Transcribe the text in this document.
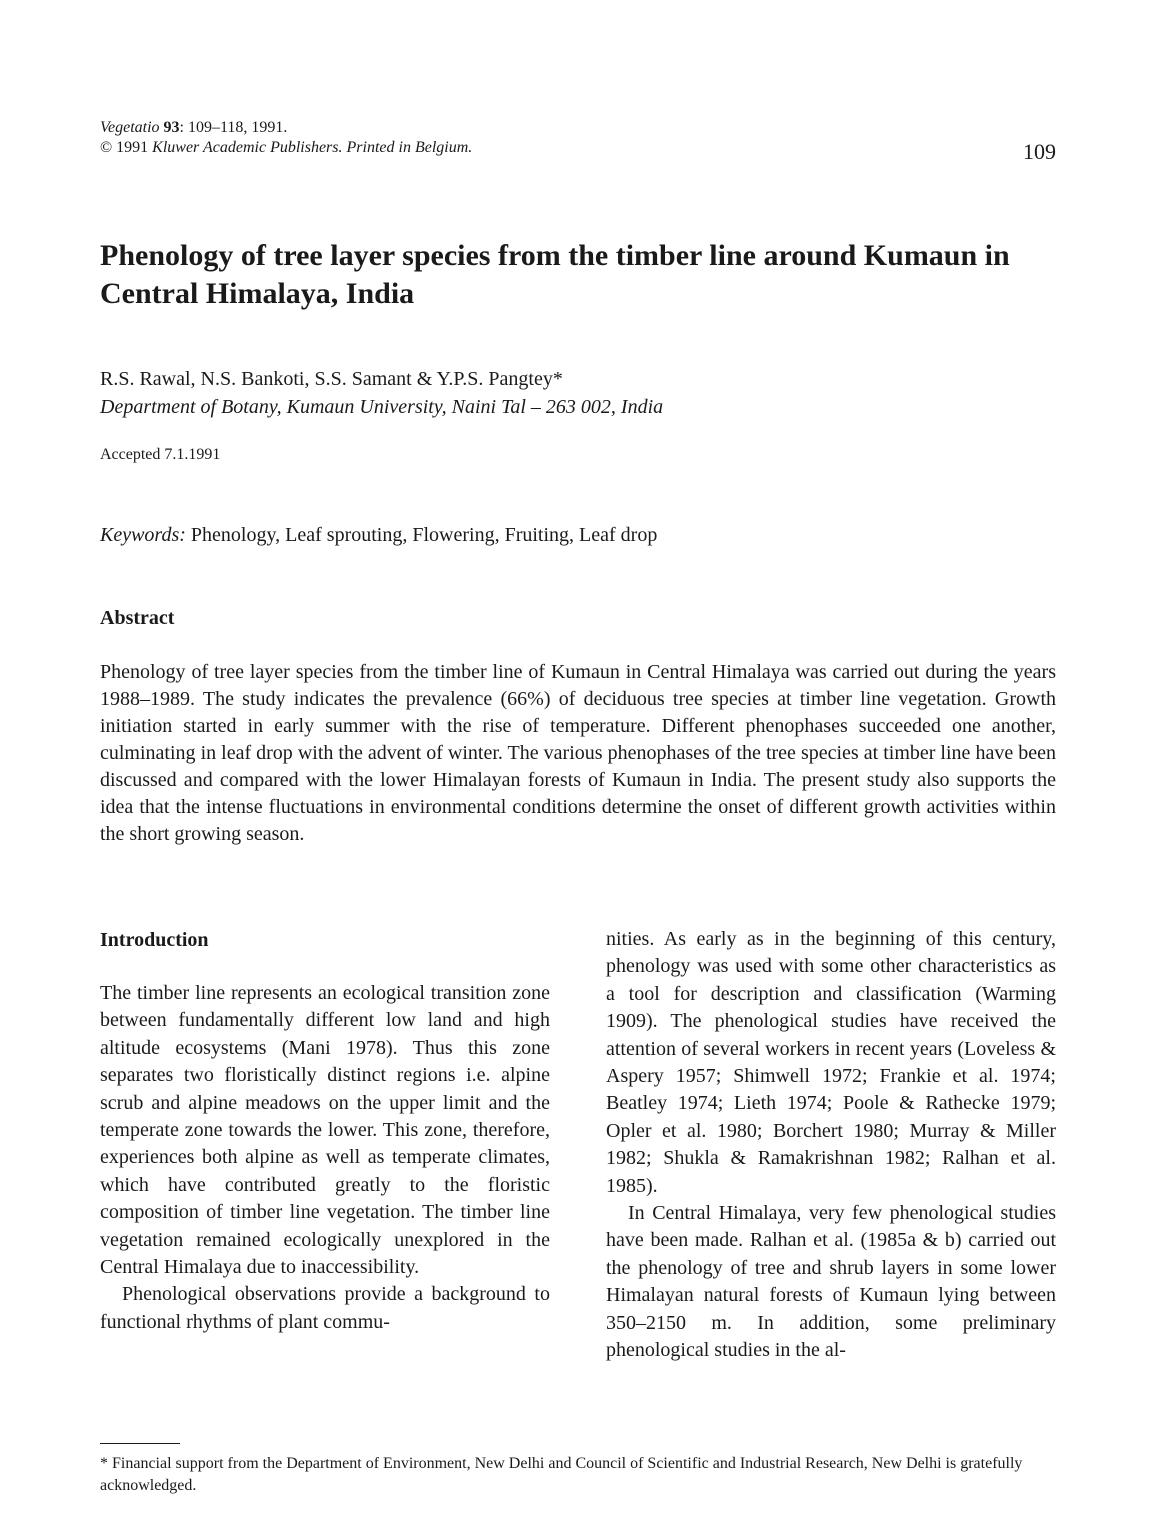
Vegetatio 93: 109–118, 1991.
© 1991 Kluwer Academic Publishers. Printed in Belgium.	109
Phenology of tree layer species from the timber line around Kumaun in Central Himalaya, India
R.S. Rawal, N.S. Bankoti, S.S. Samant & Y.P.S. Pangtey*
Department of Botany, Kumaun University, Naini Tal – 263 002, India
Accepted 7.1.1991
Keywords: Phenology, Leaf sprouting, Flowering, Fruiting, Leaf drop
Abstract

Phenology of tree layer species from the timber line of Kumaun in Central Himalaya was carried out during the years 1988–1989. The study indicates the prevalence (66%) of deciduous tree species at timber line vegetation. Growth initiation started in early summer with the rise of temperature. Different phenophases succeeded one another, culminating in leaf drop with the advent of winter. The various phenophases of the tree species at timber line have been discussed and compared with the lower Himalayan forests of Kumaun in India. The present study also supports the idea that the intense fluctuations in environmental conditions determine the onset of different growth activities within the short growing season.

Introduction

The timber line represents an ecological transition zone between fundamentally different low land and high altitude ecosystems (Mani 1978). Thus this zone separates two floristically distinct regions i.e. alpine scrub and alpine meadows on the upper limit and the temperate zone towards the lower. This zone, therefore, experiences both alpine as well as temperate climates, which have contributed greatly to the floristic composition of timber line vegetation. The timber line vegetation remained ecologically unexplored in the Central Himalaya due to inaccessibility.

Phenological observations provide a background to functional rhythms of plant commu-

nities. As early as in the beginning of this century, phenology was used with some other characteristics as a tool for description and classification (Warming 1909). The phenological studies have received the attention of several workers in recent years (Loveless & Aspery 1957; Shimwell 1972; Frankie et al. 1974; Beatley 1974; Lieth 1974; Poole & Rathecke 1979; Opler et al. 1980; Borchert 1980; Murray & Miller 1982; Shukla & Ramakrishnan 1982; Ralhan et al. 1985).

In Central Himalaya, very few phenological studies have been made. Ralhan et al. (1985a & b) carried out the phenology of tree and shrub layers in some lower Himalayan natural forests of Kumaun lying between 350–2150 m. In addition, some preliminary phenological studies in the al-

* Financial support from the Department of Environment, New Delhi and Council of Scientific and Industrial Research, New Delhi is gratefully acknowledged.
